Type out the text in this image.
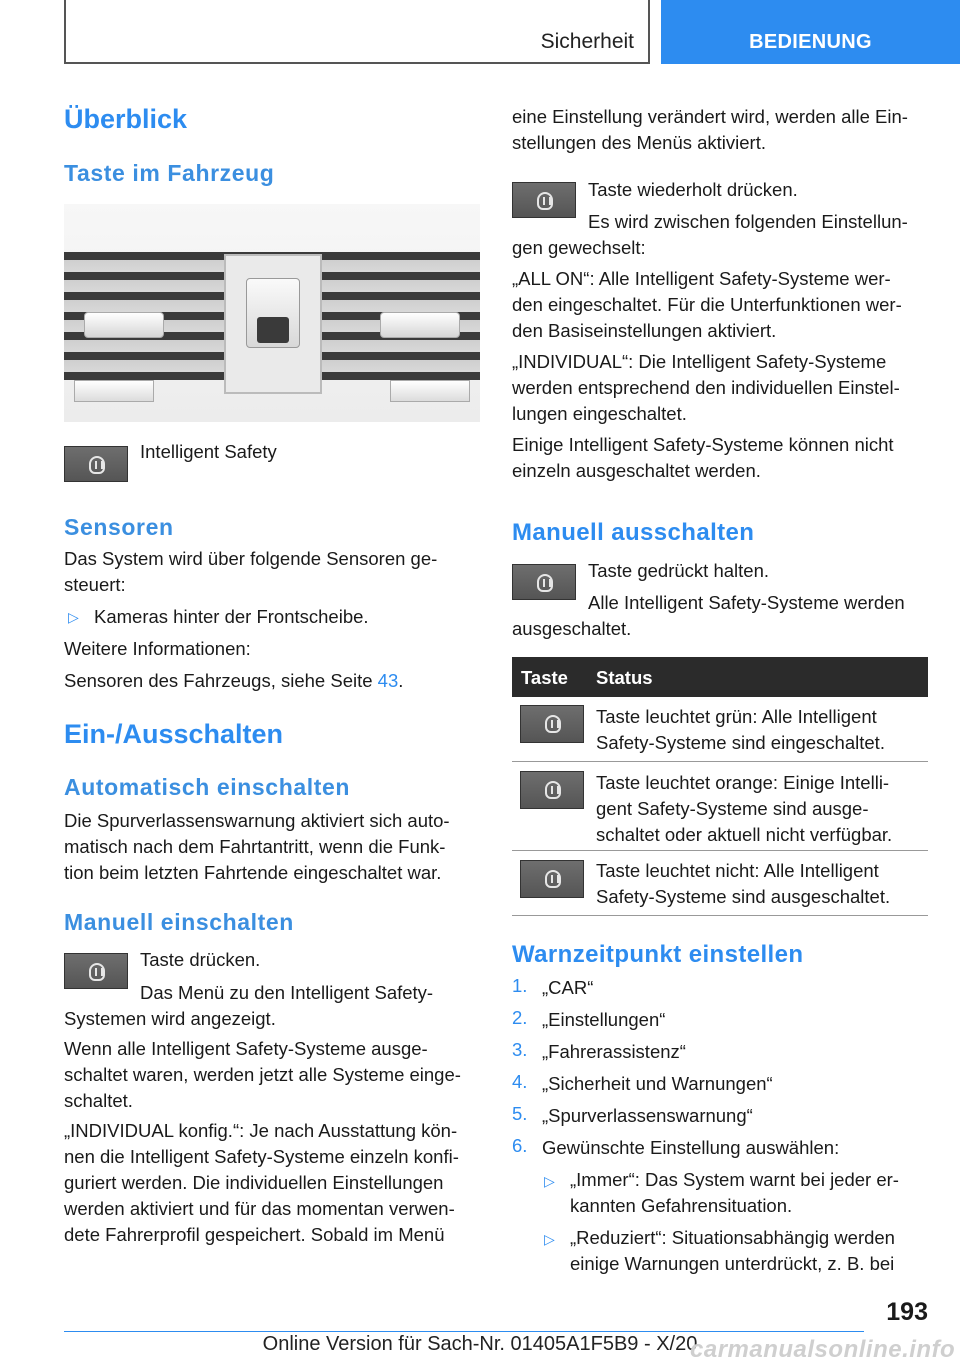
Sicherheit	BEDIENUNG
Überblick
Taste im Fahrzeug
Intelligent Safety
Sensoren
Das System wird über folgende Sensoren ge-
steuert:
▷ Kameras hinter der Frontscheibe.
Weitere Informationen:
Sensoren des Fahrzeugs, siehe Seite 43.
Ein-/Ausschalten
Automatisch einschalten
Die Spurverlassenswarnung aktiviert sich auto-
matisch nach dem Fahrtantritt, wenn die Funk-
tion beim letzten Fahrtende eingeschaltet war.
Manuell einschalten
Taste drücken.
Das Menü zu den Intelligent Safety-
Systemen wird angezeigt.
Wenn alle Intelligent Safety-Systeme ausge-
schaltet waren, werden jetzt alle Systeme einge-
schaltet.
„INDIVIDUAL konfig.“: Je nach Ausstattung kön-
nen die Intelligent Safety-Systeme einzeln konfi-
guriert werden. Die individuellen Einstellungen
werden aktiviert und für das momentan verwen-
dete Fahrerprofil gespeichert. Sobald im Menü
eine Einstellung verändert wird, werden alle Ein-
stellungen des Menüs aktiviert.
Taste wiederholt drücken.
Es wird zwischen folgenden Einstellun-
gen gewechselt:
„ALL ON“: Alle Intelligent Safety-Systeme wer-
den eingeschaltet. Für die Unterfunktionen wer-
den Basiseinstellungen aktiviert.
„INDIVIDUAL“: Die Intelligent Safety-Systeme
werden entsprechend den individuellen Einstel-
lungen eingeschaltet.
Einige Intelligent Safety-Systeme können nicht
einzeln ausgeschaltet werden.
Manuell ausschalten
Taste gedrückt halten.
Alle Intelligent Safety-Systeme werden
ausgeschaltet.
Taste Status
Taste leuchtet grün: Alle Intelligent
Safety-Systeme sind eingeschaltet.
Taste leuchtet orange: Einige Intelli-
gent Safety-Systeme sind ausge-
schaltet oder aktuell nicht verfügbar.
Taste leuchtet nicht: Alle Intelligent
Safety-Systeme sind ausgeschaltet.
Warnzeitpunkt einstellen
1. „CAR“
2. „Einstellungen“
3. „Fahrerassistenz“
4. „Sicherheit und Warnungen“
5. „Spurverlassenswarnung“
6. Gewünschte Einstellung auswählen:
▷ „Immer“: Das System warnt bei jeder er-
kannten Gefahrensituation.
▷ „Reduziert“: Situationsabhängig werden
einige Warnungen unterdrückt, z. B. bei
193
Online Version für Sach-Nr. 01405A1F5B9 - X/20
carmanualsonline.info
